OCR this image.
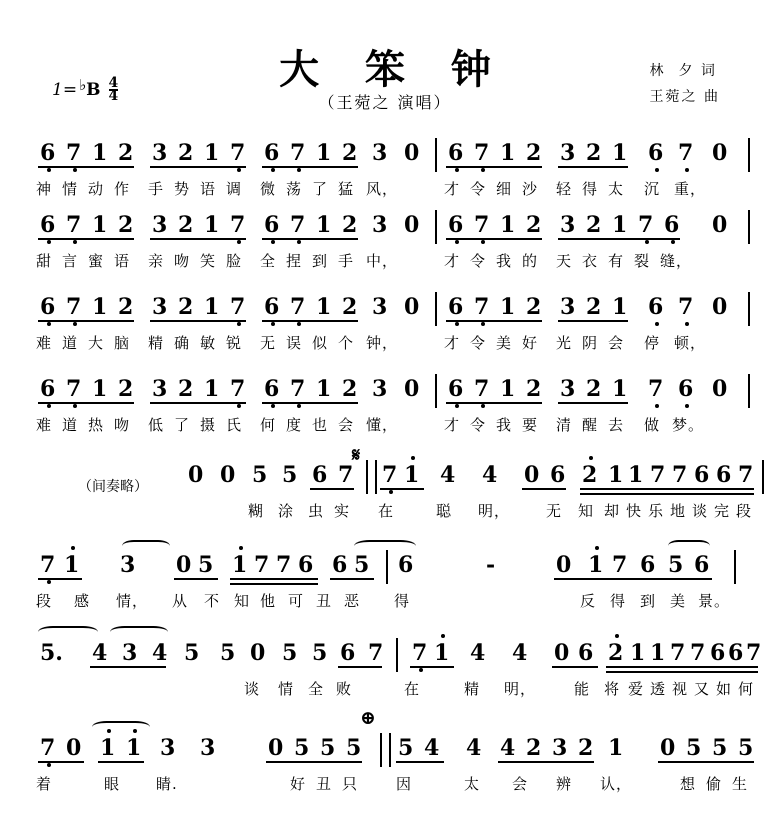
大 笨 钟
（王菀之 演唱）
林  夕 词
王菀之 曲
1= ♭ B $\frac{4}{4}$
6 7 1 2 3 2 1 7 6 7 1 2 3 0 6 7 1 2 3 2 1 6 7 0
神 情 动 作 手 势 语 调 微 荡 了 猛 风，	才 令 细 沙 轻 得 太 沉 重，
6 7 1 2 3 2 1 7 6 7 1 2 3 0 6 7 1 2 3 2 1 7 6 0
甜 言 蜜 语 亲 吻 笑 脸 全 捏 到 手 中，	才 令 我 的 天 衣 有 裂 缝，
6 7 1 2 3 2 1 7 6 7 1 2 3 0 6 7 1 2 3 2 1 6 7 0
难 道 大 脑 精 确 敏 锐 无 误 似 个 钟，	才 令 美 好 光 阴 会 停 顿，
6 7 1 2 3 2 1 7 6 7 1 2 3 0 6 7 1 2 3 2 1 7 6 0
难 道 热 吻 低 了 摄 氏 何 度 也 会 懂，	才 令 我 要 清 醒 去 做 梦。
𝄋
（间奏略） 0 0 5 5 6 7 7 1 4 4 0 6 2 1 1 7 7 6 6 7
糊 涂 虫 实 在	聪 明， 无 知 却 快 乐 地 谈 完 段
7 1 3 0 5 1 7 7 6 6 5 6	-	0 1 7 6 5 6
段 感 情， 从 不 知 他 可 丑 恶 得	反 得 到 美 景。
5. 4 3 4 5 5 0 5 5 6 7 7 1 4 4 0 6 2 1 1 7 7 6 6 7
谈 情 全 败	在	精 明，	能 将 爱 透 视 又 如 何
⊕
7 0 1 1 3 3 0 5 5 5 5 4 4 4 2 3 2 1 0 5 5 5
着	眼 睛.	好 丑 只	因	太 会 辨 认，	想 偷 生
